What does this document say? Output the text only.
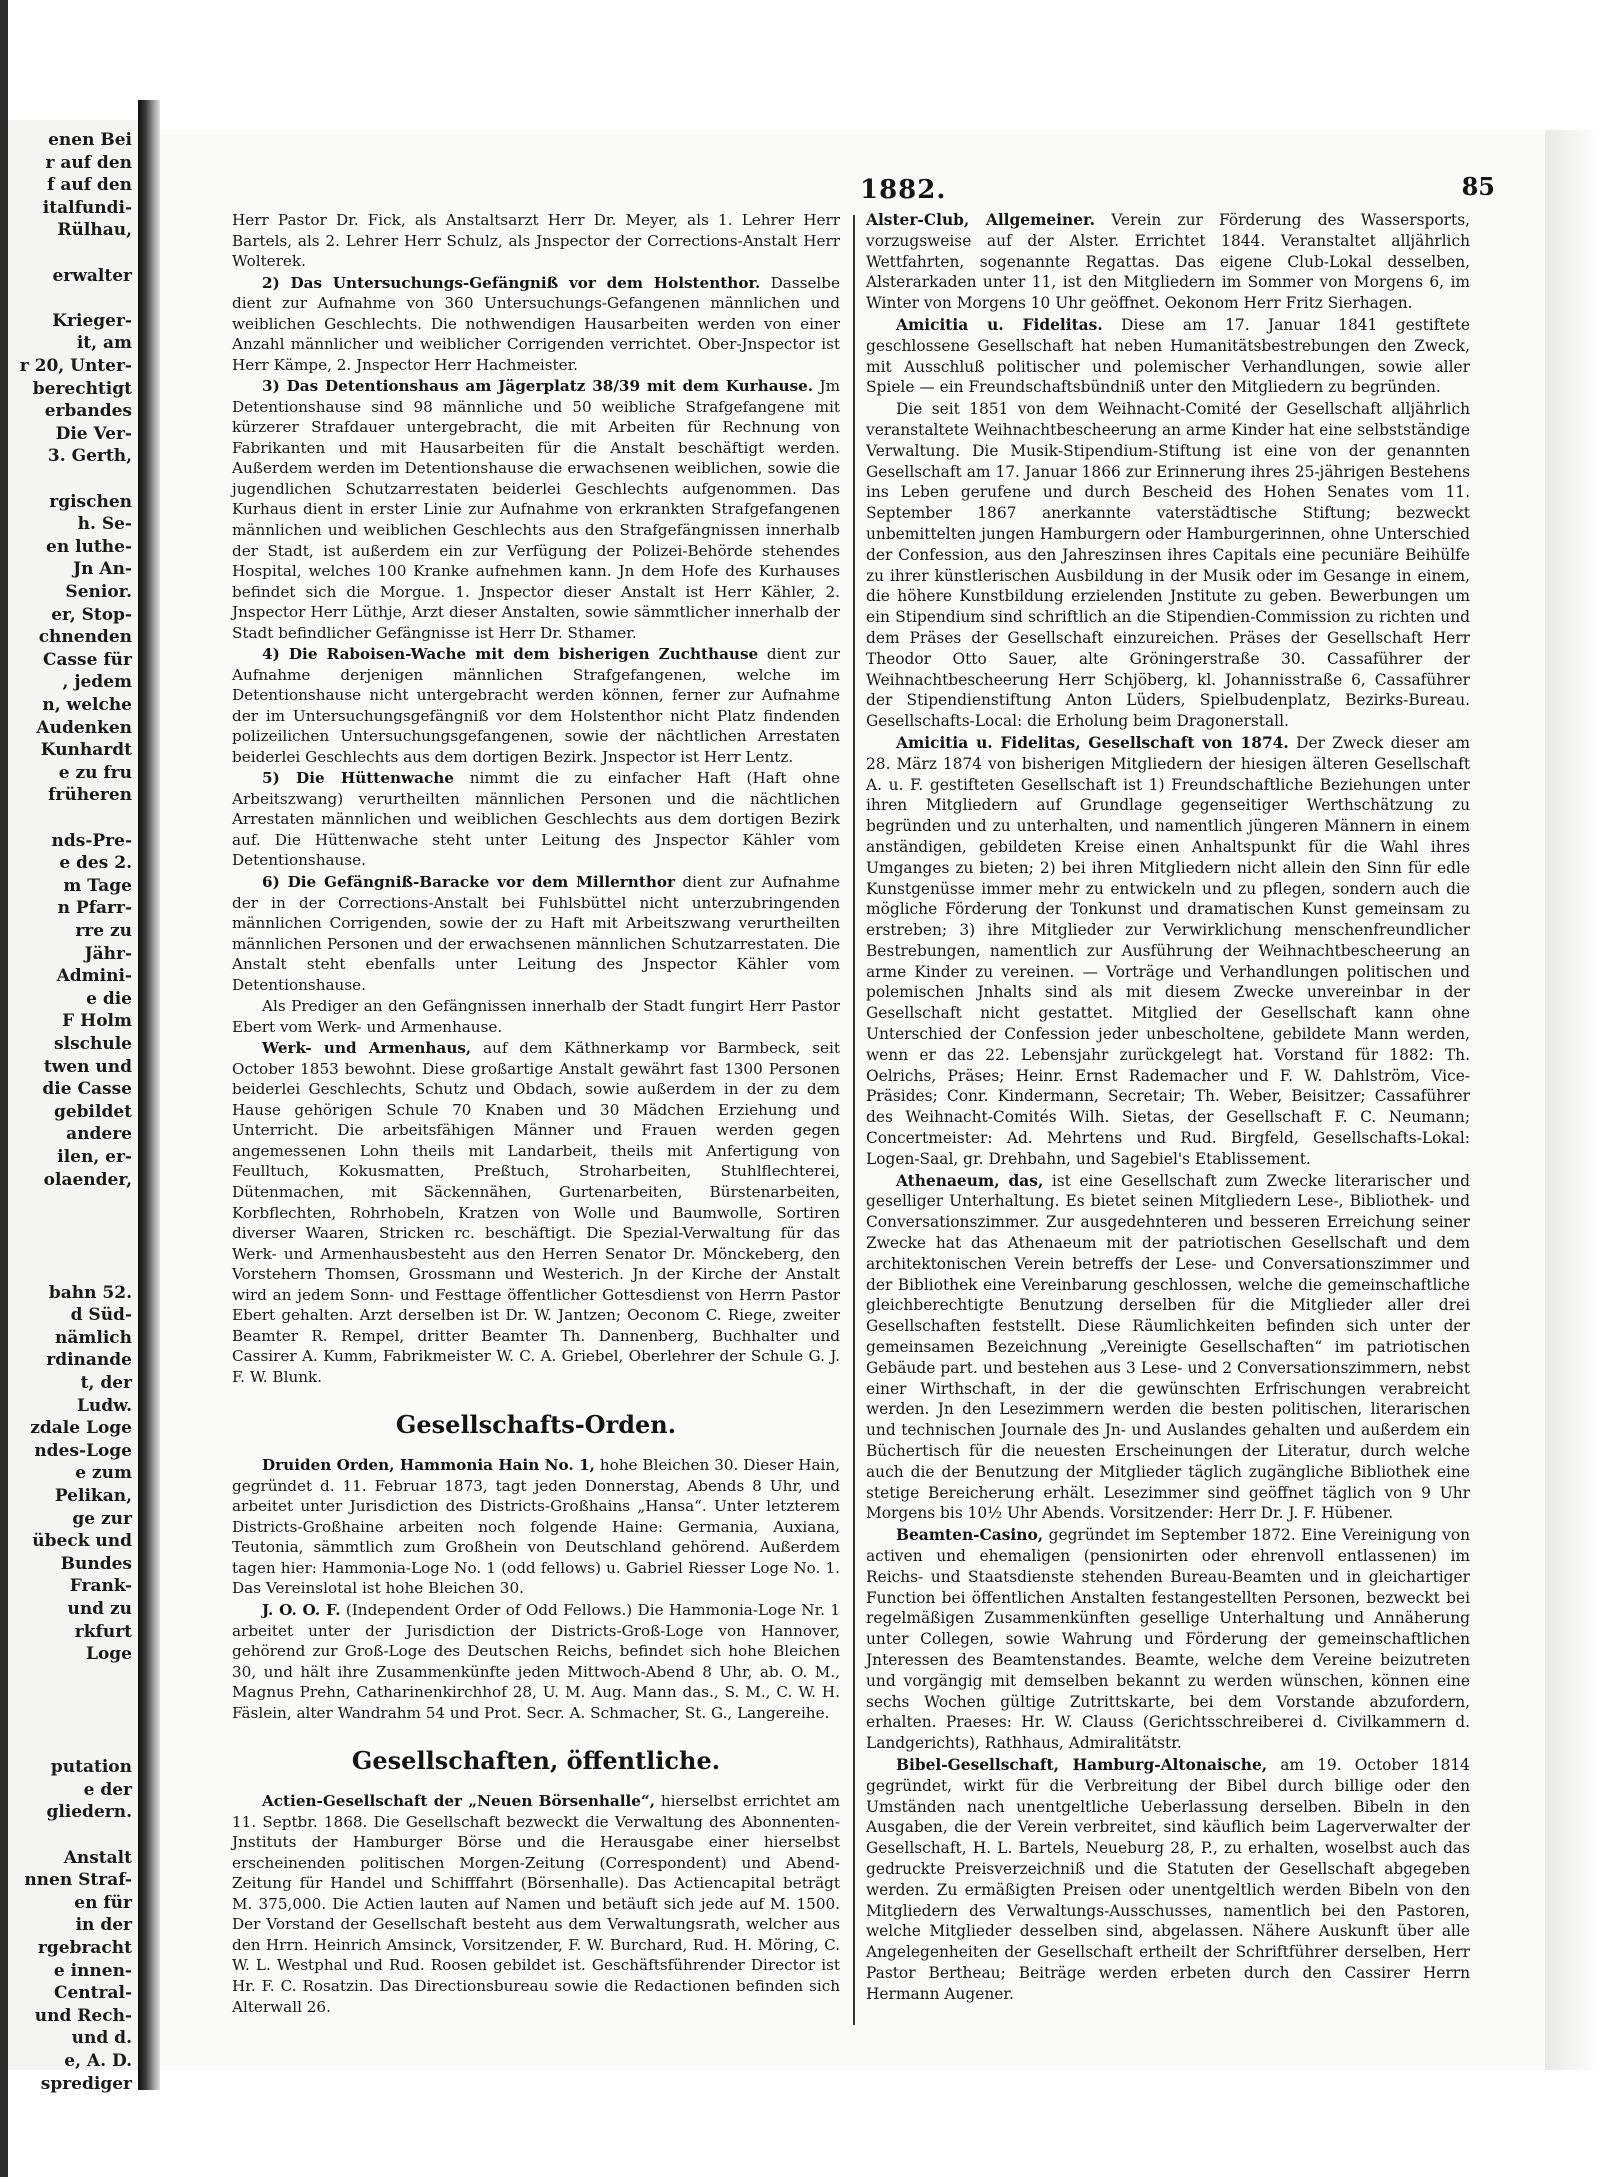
enen Bei
r auf den
f auf den
italfundi-
Rülhau,
erwalter
Krieger-
it, am
r 20, Unter-
berechtigt
erbandes
Die Ver-
3. Gerth,
rgischen
h. Se-
en luthe-
Jn An-
Senior.
er, Stop-
chnenden
Casse für
, jedem
n, welche
Audenken
Kunhardt
e zu fru
früheren
nds-Pre-
e des 2.
m Tage
n Pfarr-
rre zu
Jähr-
Admini-
e die
F Holm
slschule
twen und
die Casse
gebildet
andere
ilen, er-
olaender,
bahn 52.
d Süd-
nämlich
rdinande
t, der
Ludw.
zdale Loge
ndes-Loge
e zum
Pelikan,
ge zur
übeck und
Bundes
Frank-
und zu
rkfurt
Loge
putation
e der
gliedern.
Anstalt
nnen Straf-
en für
in der
rgebracht
e innen-
Central-
und Rech-
und d.
e, A. D.
sprediger
1882.	85

Herr Pastor Dr. Fick, als Anstaltsarzt Herr Dr. Meyer, als 1. Lehrer Herr Bartels, als 2. Lehrer Herr Schulz, als Jnspector der Corrections-Anstalt Herr Wolterek.

2) Das Untersuchungs-Gefängniß vor dem Holstenthor. Dasselbe dient zur Aufnahme von 360 Untersuchungs-Gefangenen männlichen und weiblichen Geschlechts. Die nothwendigen Hausarbeiten werden von einer Anzahl männlicher und weiblicher Corrigenden verrichtet. Ober-Jnspector ist Herr Kämpe, 2. Jnspector Herr Hachmeister.

3) Das Detentionshaus am Jägerplatz 38/39 mit dem Kurhause. Jm Detentionshause sind 98 männliche und 50 weibliche Strafgefangene mit kürzerer Strafdauer untergebracht, die mit Arbeiten für Rechnung von Fabrikanten und mit Hausarbeiten für die Anstalt beschäftigt werden. Außerdem werden im Detentionshause die erwachsenen weiblichen, sowie die jugendlichen Schutzarrestaten beiderlei Geschlechts aufgenommen. Das Kurhaus dient in erster Linie zur Aufnahme von erkrankten Strafgefangenen männlichen und weiblichen Geschlechts aus den Strafgefängnissen innerhalb der Stadt, ist außerdem ein zur Verfügung der Polizei-Behörde stehendes Hospital, welches 100 Kranke aufnehmen kann. Jn dem Hofe des Kurhauses befindet sich die Morgue. 1. Jnspector dieser Anstalt ist Herr Kähler, 2. Jnspector Herr Lüthje, Arzt dieser Anstalten, sowie sämmtlicher innerhalb der Stadt befindlicher Gefängnisse ist Herr Dr. Sthamer.

4) Die Raboisen-Wache mit dem bisherigen Zuchthause dient zur Aufnahme derjenigen männlichen Strafgefangenen, welche im Detentionshause nicht untergebracht werden können, ferner zur Aufnahme der im Untersuchungsgefängniß vor dem Holstenthor nicht Platz findenden polizeilichen Untersuchungsgefangenen, sowie der nächtlichen Arrestaten beiderlei Geschlechts aus dem dortigen Bezirk. Jnspector ist Herr Lentz.

5) Die Hüttenwache nimmt die zu einfacher Haft (Haft ohne Arbeitszwang) verurtheilten männlichen Personen und die nächtlichen Arrestaten männlichen und weiblichen Geschlechts aus dem dortigen Bezirk auf. Die Hüttenwache steht unter Leitung des Jnspector Kähler vom Detentionshause.

6) Die Gefängniß-Baracke vor dem Millernthor dient zur Aufnahme der in der Corrections-Anstalt bei Fuhlsbüttel nicht unterzubringenden männlichen Corrigenden, sowie der zu Haft mit Arbeitszwang verurtheilten männlichen Personen und der erwachsenen männlichen Schutzarrestaten. Die Anstalt steht ebenfalls unter Leitung des Jnspector Kähler vom Detentionshause.

Als Prediger an den Gefängnissen innerhalb der Stadt fungirt Herr Pastor Ebert vom Werk- und Armenhause.

Werk- und Armenhaus, auf dem Käthnerkamp vor Barmbeck, seit October 1853 bewohnt. Diese großartige Anstalt gewährt fast 1300 Personen beiderlei Geschlechts, Schutz und Obdach, sowie außerdem in der zu dem Hause gehörigen Schule 70 Knaben und 30 Mädchen Erziehung und Unterricht. Die arbeitsfähigen Männer und Frauen werden gegen angemessenen Lohn theils mit Landarbeit, theils mit Anfertigung von Feulltuch, Kokusmatten, Preßtuch, Stroharbeiten, Stuhlflechterei, Dütenmachen, mit Säckennähen, Gurtenarbeiten, Bürstenarbeiten, Korbflechten, Rohrhobeln, Kratzen von Wolle und Baumwolle, Sortiren diverser Waaren, Stricken rc. beschäftigt. Die Spezial-Verwaltung für das Werk- und Armenhausbesteht aus den Herren Senator Dr. Mönckeberg, den Vorstehern Thomsen, Grossmann und Westerich. Jn der Kirche der Anstalt wird an jedem Sonn- und Festtage öffentlicher Gottesdienst von Herrn Pastor Ebert gehalten. Arzt derselben ist Dr. W. Jantzen; Oeconom C. Riege, zweiter Beamter R. Rempel, dritter Beamter Th. Dannenberg, Buchhalter und Cassirer A. Kumm, Fabrikmeister W. C. A. Griebel, Oberlehrer der Schule G. J. F. W. Blunk.

Gesellschafts-Orden.

Druiden Orden, Hammonia Hain No. 1, hohe Bleichen 30. Dieser Hain, gegründet d. 11. Februar 1873, tagt jeden Donnerstag, Abends 8 Uhr, und arbeitet unter Jurisdiction des Districts-Großhains „Hansa“. Unter letzterem Districts-Großhaine arbeiten noch folgende Haine: Germania, Auxiana, Teutonia, sämmtlich zum Großhein von Deutschland gehörend. Außerdem tagen hier: Hammonia-Loge No. 1 (odd fellows) u. Gabriel Riesser Loge No. 1. Das Vereinslotal ist hohe Bleichen 30.

J. O. O. F. (Independent Order of Odd Fellows.) Die Hammonia-Loge Nr. 1 arbeitet unter der Jurisdiction der Districts-Groß-Loge von Hannover, gehörend zur Groß-Loge des Deutschen Reichs, befindet sich hohe Bleichen 30, und hält ihre Zusammenkünfte jeden Mittwoch-Abend 8 Uhr, ab. O. M., Magnus Prehn, Catharinenkirchhof 28, U. M. Aug. Mann das., S. M., C. W. H. Fäslein, alter Wandrahm 54 und Prot. Secr. A. Schmacher, St. G., Langereihe.

Gesellschaften, öffentliche.

Actien-Gesellschaft der „Neuen Börsenhalle“, hierselbst errichtet am 11. Septbr. 1868. Die Gesellschaft bezweckt die Verwaltung des Abonnenten-Jnstituts der Hamburger Börse und die Herausgabe einer hierselbst erscheinenden politischen Morgen-Zeitung (Correspondent) und Abend-Zeitung für Handel und Schifffahrt (Börsenhalle). Das Actiencapital beträgt M. 375,000. Die Actien lauten auf Namen und betäuft sich jede auf M. 1500. Der Vorstand der Gesellschaft besteht aus dem Verwaltungsrath, welcher aus den Hrrn. Heinrich Amsinck, Vorsitzender, F. W. Burchard, Rud. H. Möring, C. W. L. Westphal und Rud. Roosen gebildet ist. Geschäftsführender Director ist Hr. F. C. Rosatzin. Das Directionsbureau sowie die Redactionen befinden sich Alterwall 26.

Alster-Club, Allgemeiner. Verein zur Förderung des Wassersports, vorzugsweise auf der Alster. Errichtet 1844. Veranstaltet alljährlich Wettfahrten, sogenannte Regattas. Das eigene Club-Lokal desselben, Alsterarkaden unter 11, ist den Mitgliedern im Sommer von Morgens 6, im Winter von Morgens 10 Uhr geöffnet. Oekonom Herr Fritz Sierhagen.

Amicitia u. Fidelitas. Diese am 17. Januar 1841 gestiftete geschlossene Gesellschaft hat neben Humanitätsbestrebungen den Zweck, mit Ausschluß politischer und polemischer Verhandlungen, sowie aller Spiele — ein Freundschaftsbündniß unter den Mitgliedern zu begründen.

Die seit 1851 von dem Weihnacht-Comité der Gesellschaft alljährlich veranstaltete Weihnachtbescheerung an arme Kinder hat eine selbstständige Verwaltung. Die Musik-Stipendium-Stiftung ist eine von der genannten Gesellschaft am 17. Januar 1866 zur Erinnerung ihres 25-jährigen Bestehens ins Leben gerufene und durch Bescheid des Hohen Senates vom 11. September 1867 anerkannte vaterstädtische Stiftung; bezweckt unbemittelten jungen Hamburgern oder Hamburgerinnen, ohne Unterschied der Confession, aus den Jahreszinsen ihres Capitals eine pecuniäre Beihülfe zu ihrer künstlerischen Ausbildung in der Musik oder im Gesange in einem, die höhere Kunstbildung erzielenden Jnstitute zu geben. Bewerbungen um ein Stipendium sind schriftlich an die Stipendien-Commission zu richten und dem Präses der Gesellschaft einzureichen. Präses der Gesellschaft Herr Theodor Otto Sauer, alte Gröningerstraße 30. Cassaführer der Weihnachtbescheerung Herr Schjöberg, kl. Johannisstraße 6, Cassaführer der Stipendienstiftung Anton Lüders, Spielbudenplatz, Bezirks-Bureau. Gesellschafts-Local: die Erholung beim Dragonerstall.

Amicitia u. Fidelitas, Gesellschaft von 1874. Der Zweck dieser am 28. März 1874 von bisherigen Mitgliedern der hiesigen älteren Gesellschaft A. u. F. gestifteten Gesellschaft ist 1) Freundschaftliche Beziehungen unter ihren Mitgliedern auf Grundlage gegenseitiger Werthschätzung zu begründen und zu unterhalten, und namentlich jüngeren Männern in einem anständigen, gebildeten Kreise einen Anhaltspunkt für die Wahl ihres Umganges zu bieten; 2) bei ihren Mitgliedern nicht allein den Sinn für edle Kunstgenüsse immer mehr zu entwickeln und zu pflegen, sondern auch die mögliche Förderung der Tonkunst und dramatischen Kunst gemeinsam zu erstreben; 3) ihre Mitglieder zur Verwirklichung menschenfreundlicher Bestrebungen, namentlich zur Ausführung der Weihnachtbescheerung an arme Kinder zu vereinen. — Vorträge und Verhandlungen politischen und polemischen Jnhalts sind als mit diesem Zwecke unvereinbar in der Gesellschaft nicht gestattet. Mitglied der Gesellschaft kann ohne Unterschied der Confession jeder unbescholtene, gebildete Mann werden, wenn er das 22. Lebensjahr zurückgelegt hat. Vorstand für 1882: Th. Oelrichs, Präses; Heinr. Ernst Rademacher und F. W. Dahlström, Vice-Präsides; Conr. Kindermann, Secretair; Th. Weber, Beisitzer; Cassaführer des Weihnacht-Comités Wilh. Sietas, der Gesellschaft F. C. Neumann; Concertmeister: Ad. Mehrtens und Rud. Birgfeld, Gesellschafts-Lokal: Logen-Saal, gr. Drehbahn, und Sagebiel's Etablissement.

Athenaeum, das, ist eine Gesellschaft zum Zwecke literarischer und geselliger Unterhaltung. Es bietet seinen Mitgliedern Lese-, Bibliothek- und Conversationszimmer. Zur ausgedehnteren und besseren Erreichung seiner Zwecke hat das Athenaeum mit der patriotischen Gesellschaft und dem architektonischen Verein betreffs der Lese- und Conversationszimmer und der Bibliothek eine Vereinbarung geschlossen, welche die gemeinschaftliche gleichberechtigte Benutzung derselben für die Mitglieder aller drei Gesellschaften feststellt. Diese Räumlichkeiten befinden sich unter der gemeinsamen Bezeichnung „Vereinigte Gesellschaften“ im patriotischen Gebäude part. und bestehen aus 3 Lese- und 2 Conversationszimmern, nebst einer Wirthschaft, in der die gewünschten Erfrischungen verabreicht werden. Jn den Lesezimmern werden die besten politischen, literarischen und technischen Journale des Jn- und Auslandes gehalten und außerdem ein Büchertisch für die neuesten Erscheinungen der Literatur, durch welche auch die der Benutzung der Mitglieder täglich zugängliche Bibliothek eine stetige Bereicherung erhält. Lesezimmer sind geöffnet täglich von 9 Uhr Morgens bis 10½ Uhr Abends. Vorsitzender: Herr Dr. J. F. Hübener.

Beamten-Casino, gegründet im September 1872. Eine Vereinigung von activen und ehemaligen (pensionirten oder ehrenvoll entlassenen) im Reichs- und Staatsdienste stehenden Bureau-Beamten und in gleichartiger Function bei öffentlichen Anstalten festangestellten Personen, bezweckt bei regelmäßigen Zusammenkünften gesellige Unterhaltung und Annäherung unter Collegen, sowie Wahrung und Förderung der gemeinschaftlichen Jnteressen des Beamtenstandes. Beamte, welche dem Vereine beizutreten und vorgängig mit demselben bekannt zu werden wünschen, können eine sechs Wochen gültige Zutrittskarte, bei dem Vorstande abzufordern, erhalten. Praeses: Hr. W. Clauss (Gerichtsschreiberei d. Civilkammern d. Landgerichts), Rathhaus, Admiralitätstr.

Bibel-Gesellschaft, Hamburg-Altonaische, am 19. October 1814 gegründet, wirkt für die Verbreitung der Bibel durch billige oder den Umständen nach unentgeltliche Ueberlassung derselben. Bibeln in den Ausgaben, die der Verein verbreitet, sind käuflich beim Lagerverwalter der Gesellschaft, H. L. Bartels, Neueburg 28, P., zu erhalten, woselbst auch das gedruckte Preisverzeichniß und die Statuten der Gesellschaft abgegeben werden. Zu ermäßigten Preisen oder unentgeltlich werden Bibeln von den Mitgliedern des Verwaltungs-Ausschusses, namentlich bei den Pastoren, welche Mitglieder desselben sind, abgelassen. Nähere Auskunft über alle Angelegenheiten der Gesellschaft ertheilt der Schriftführer derselben, Herr Pastor Bertheau; Beiträge werden erbeten durch den Cassirer Herrn Hermann Augener.
